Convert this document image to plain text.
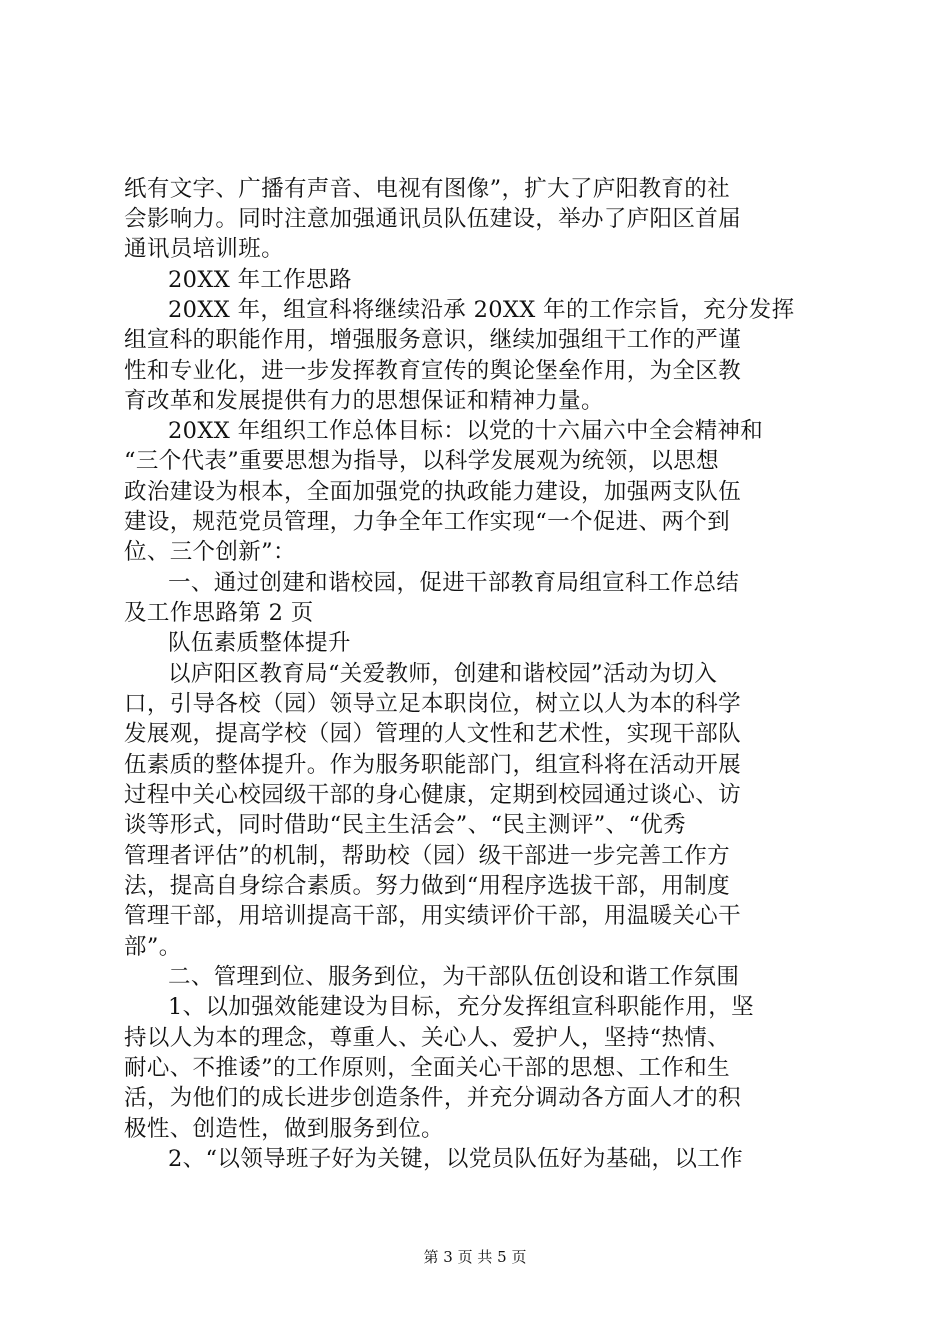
纸有文字、广播有声音、电视有图像”，扩大了庐阳教育的社
会影响力。同时注意加强通讯员队伍建设，举办了庐阳区首届
通讯员培训班。
20XX 年工作思路
20XX 年，组宣科将继续沿承 20XX 年的工作宗旨，充分发挥
组宣科的职能作用，增强服务意识，继续加强组干工作的严谨
性和专业化，进一步发挥教育宣传的舆论堡垒作用，为全区教
育改革和发展提供有力的思想保证和精神力量。
20XX 年组织工作总体目标：以党的十六届六中全会精神和
“三个代表”重要思想为指导，以科学发展观为统领，以思想
政治建设为根本，全面加强党的执政能力建设，加强两支队伍
建设，规范党员管理，力争全年工作实现“一个促进、两个到
位、三个创新”：
一、通过创建和谐校园，促进干部教育局组宣科工作总结
及工作思路第 2 页
队伍素质整体提升
以庐阳区教育局“关爱教师，创建和谐校园”活动为切入
口，引导各校（园）领导立足本职岗位，树立以人为本的科学
发展观，提高学校（园）管理的人文性和艺术性，实现干部队
伍素质的整体提升。作为服务职能部门，组宣科将在活动开展
过程中关心校园级干部的身心健康，定期到校园通过谈心、访
谈等形式，同时借助“民主生活会”、“民主测评”、“优秀
管理者评估”的机制，帮助校（园）级干部进一步完善工作方
法，提高自身综合素质。努力做到“用程序选拔干部，用制度
管理干部，用培训提高干部，用实绩评价干部，用温暖关心干
部”。
二、管理到位、服务到位，为干部队伍创设和谐工作氛围
1、以加强效能建设为目标，充分发挥组宣科职能作用，坚
持以人为本的理念，尊重人、关心人、爱护人，坚持“热情、
耐心、不推诿”的工作原则，全面关心干部的思想、工作和生
活，为他们的成长进步创造条件，并充分调动各方面人才的积
极性、创造性，做到服务到位。
2、“以领导班子好为关键，以党员队伍好为基础，以工作
第 3 页 共 5 页
